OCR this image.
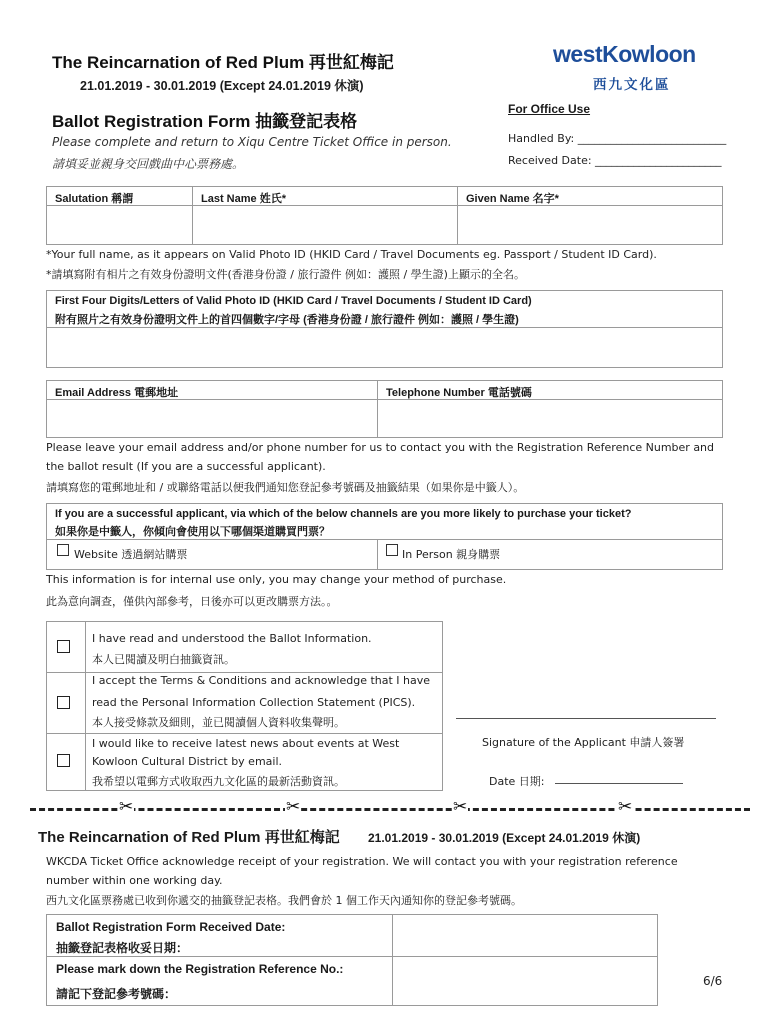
The Reincarnation of Red Plum 再世紅梅記
21.01.2019 - 30.01.2019 (Except 24.01.2019 休演)
Ballot Registration Form 抽籤登記表格
Please complete and return to Xiqu Centre Ticket Office in person.
請填妥並親身交回戲曲中心票務處。
westKowloon
西九文化區
For Office Use
Handled By: ___________________________
Received Date: _______________________
Salutation 稱謂	Last Name 姓氏*	Given Name 名字*
*Your full name, as it appears on Valid Photo ID (HKID Card / Travel Documents eg. Passport / Student ID Card).
*請填寫附有相片之有效身份證明文件(香港身份證 / 旅行證件 例如：護照 / 學生證)上顯示的全名。
First Four Digits/Letters of Valid Photo ID (HKID Card / Travel Documents / Student ID Card)
附有照片之有效身份證明文件上的首四個數字/字母 (香港身份證 / 旅行證件 例如：護照 / 學生證)
Email Address 電郵地址	Telephone Number 電話號碼
Please leave your email address and/or phone number for us to contact you with the Registration Reference Number and
the ballot result (If you are a successful applicant).
請填寫您的電郵地址和 / 或聯絡電話以便我們通知您登記參考號碼及抽籤結果（如果你是中籤人）。
If you are a successful applicant, via which of the below channels are you more likely to purchase your ticket?
如果你是中籤人，你傾向會使用以下哪個渠道購買門票？
Website 透過網站購票	In Person 親身購票
This information is for internal use only, you may change your method of purchase.
此為意向調查，僅供內部參考，日後亦可以更改購票方法。。
I have read and understood the Ballot Information.
本人已閱讀及明白抽籤資訊。
I accept the Terms & Conditions and acknowledge that I have
read the Personal Information Collection Statement (PICS).
本人接受條款及細則，並已閱讀個人資料收集聲明。
I would like to receive latest news about events at West
Kowloon Cultural District by email.
我希望以電郵方式收取西九文化區的最新活動資訊。
Signature of the Applicant 申請人簽署
Date 日期:
✂	✂	✂	✂
The Reincarnation of Red Plum 再世紅梅記 21.01.2019 - 30.01.2019 (Except 24.01.2019 休演)
WKCDA Ticket Office acknowledge receipt of your registration. We will contact you with your registration reference
number within one working day.
西九文化區票務處已收到你遞交的抽籤登記表格。我們會於 1 個工作天內通知你的登記參考號碼。
Ballot Registration Form Received Date:
抽籤登記表格收妥日期：
Please mark down the Registration Reference No.:
請記下登記參考號碼：
6/6
